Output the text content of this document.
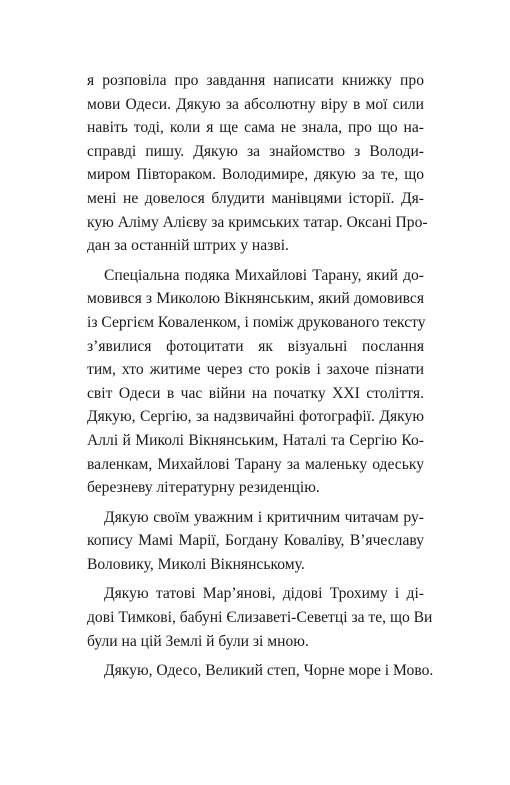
я розповіла про завдання написати книжку про
мови Одеси. Дякую за абсолютну віру в мої сили
навіть тоді, коли я ще сама не знала, про що на-
справді пишу. Дякую за знайомство з Володи-
миром Півтораком. Володимире, дякую за те, що
мені не довелося блудити манівцями історії. Дя-
кую Аліму Алієву за кримських татар. Оксані Про-
дан за останній штрих у назві.
Спеціальна подяка Михайлові Тарану, який до-
мовився з Миколою Вікнянським, який домовився
із Сергієм Коваленком, і поміж друкованого тексту
з’явилися фотоцитати як візуальні послання
тим, хто житиме через сто років і захоче пізнати
світ Одеси в час війни на початку XXI століття.
Дякую, Сергію, за надзвичайні фотографії. Дякую
Аллі й Миколі Вікнянським, Наталі та Сергію Ко-
валенкам, Михайлові Тарану за маленьку одеську
березневу літературну резиденцію.
Дякую своїм уважним і критичним читачам ру-
копису Мамі Марії, Богдану Коваліву, В’ячеславу
Воловику, Миколі Вікнянському.
Дякую татові Мар’янові, дідові Трохиму і ді-
дові Тимкові, бабуні Єлизаветі-Севетці за те, що Ви
були на цій Землі й були зі мною.
Дякую, Одесо, Великий степ, Чорне море і Мово.
